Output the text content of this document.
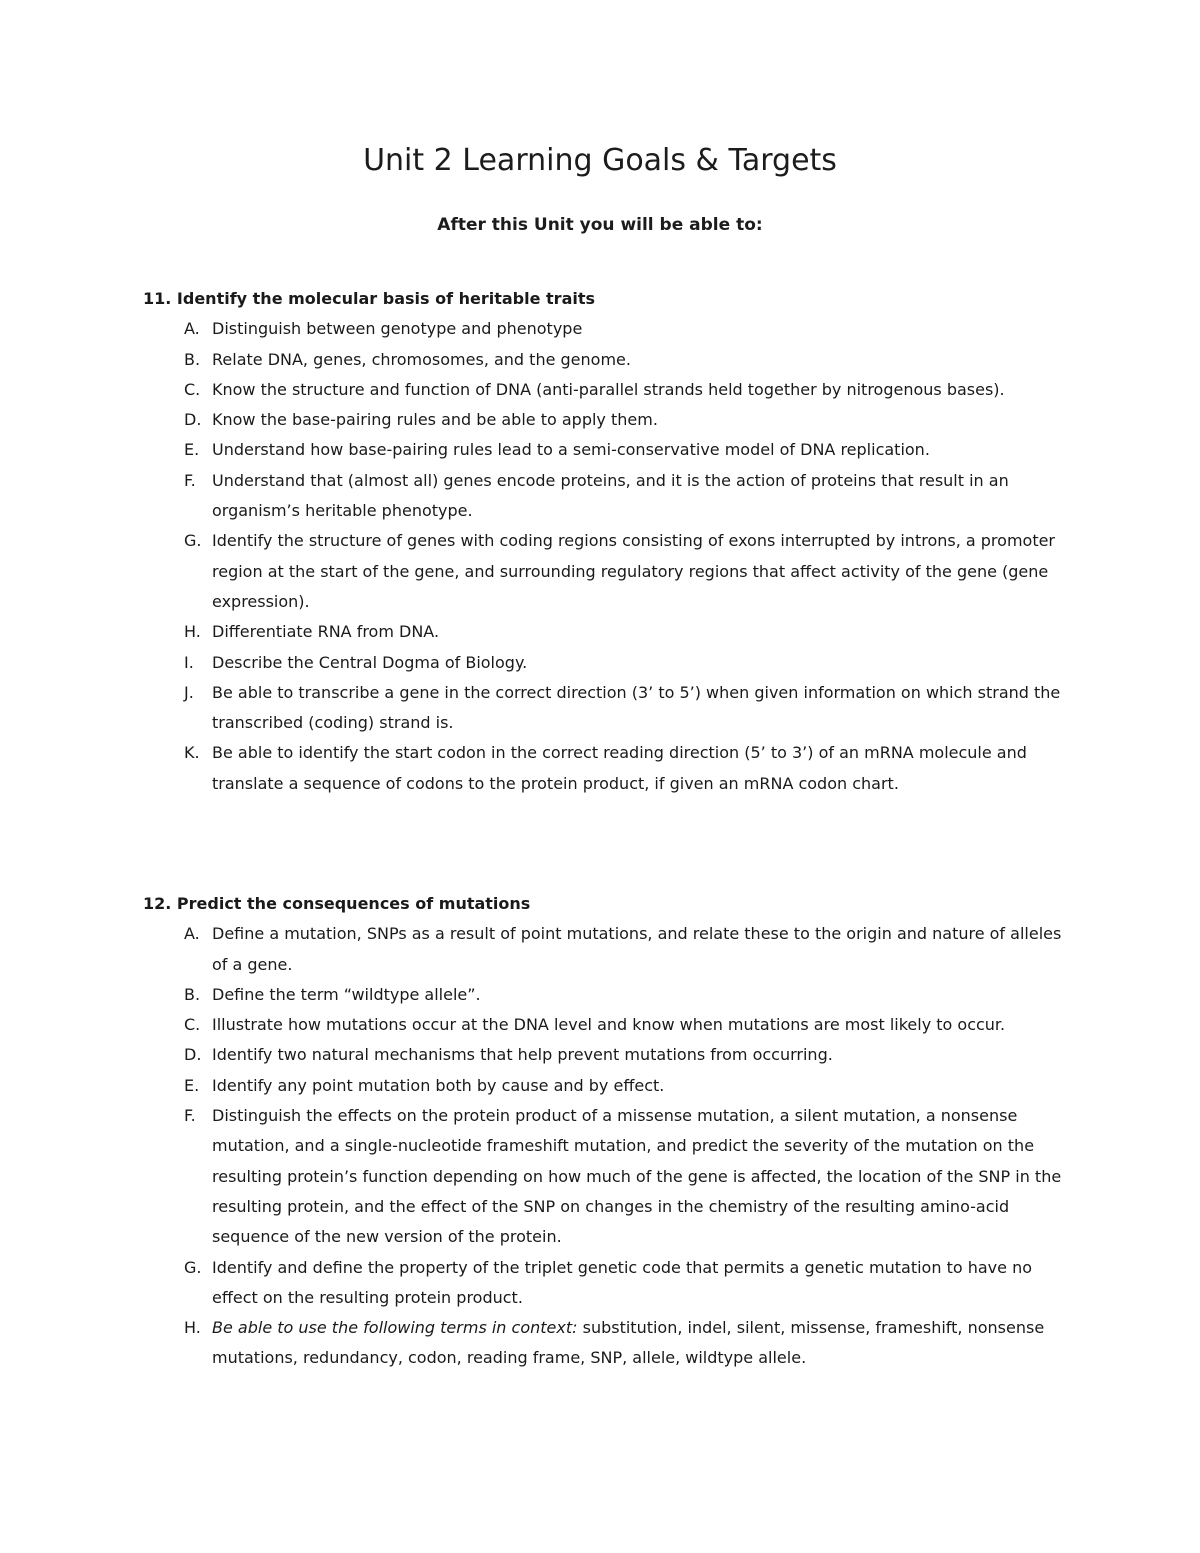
Unit 2 Learning Goals & Targets
After this Unit you will be able to:
11. Identify the molecular basis of heritable traits
A. Distinguish between genotype and phenotype
B. Relate DNA, genes, chromosomes, and the genome.
C. Know the structure and function of DNA (anti-parallel strands held together by nitrogenous bases).
D. Know the base-pairing rules and be able to apply them.
E. Understand how base-pairing rules lead to a semi-conservative model of DNA replication.
F. Understand that (almost all) genes encode proteins, and it is the action of proteins that result in an organism’s heritable phenotype.
G. Identify the structure of genes with coding regions consisting of exons interrupted by introns, a promoter region at the start of the gene, and surrounding regulatory regions that affect activity of the gene (gene expression).
H. Differentiate RNA from DNA.
I. Describe the Central Dogma of Biology.
J. Be able to transcribe a gene in the correct direction (3’ to 5’) when given information on which strand the transcribed (coding) strand is.
K. Be able to identify the start codon in the correct reading direction (5’ to 3’) of an mRNA molecule and translate a sequence of codons to the protein product, if given an mRNA codon chart.
12. Predict the consequences of mutations
A. Define a mutation, SNPs as a result of point mutations, and relate these to the origin and nature of alleles of a gene.
B. Define the term “wildtype allele”.
C. Illustrate how mutations occur at the DNA level and know when mutations are most likely to occur.
D. Identify two natural mechanisms that help prevent mutations from occurring.
E. Identify any point mutation both by cause and by effect.
F. Distinguish the effects on the protein product of a missense mutation, a silent mutation, a nonsense mutation, and a single-nucleotide frameshift mutation, and predict the severity of the mutation on the resulting protein’s function depending on how much of the gene is affected, the location of the SNP in the resulting protein, and the effect of the SNP on changes in the chemistry of the resulting amino-acid sequence of the new version of the protein.
G. Identify and define the property of the triplet genetic code that permits a genetic mutation to have no effect on the resulting protein product.
H. Be able to use the following terms in context: substitution, indel, silent, missense, frameshift, nonsense mutations, redundancy, codon, reading frame, SNP, allele, wildtype allele.
